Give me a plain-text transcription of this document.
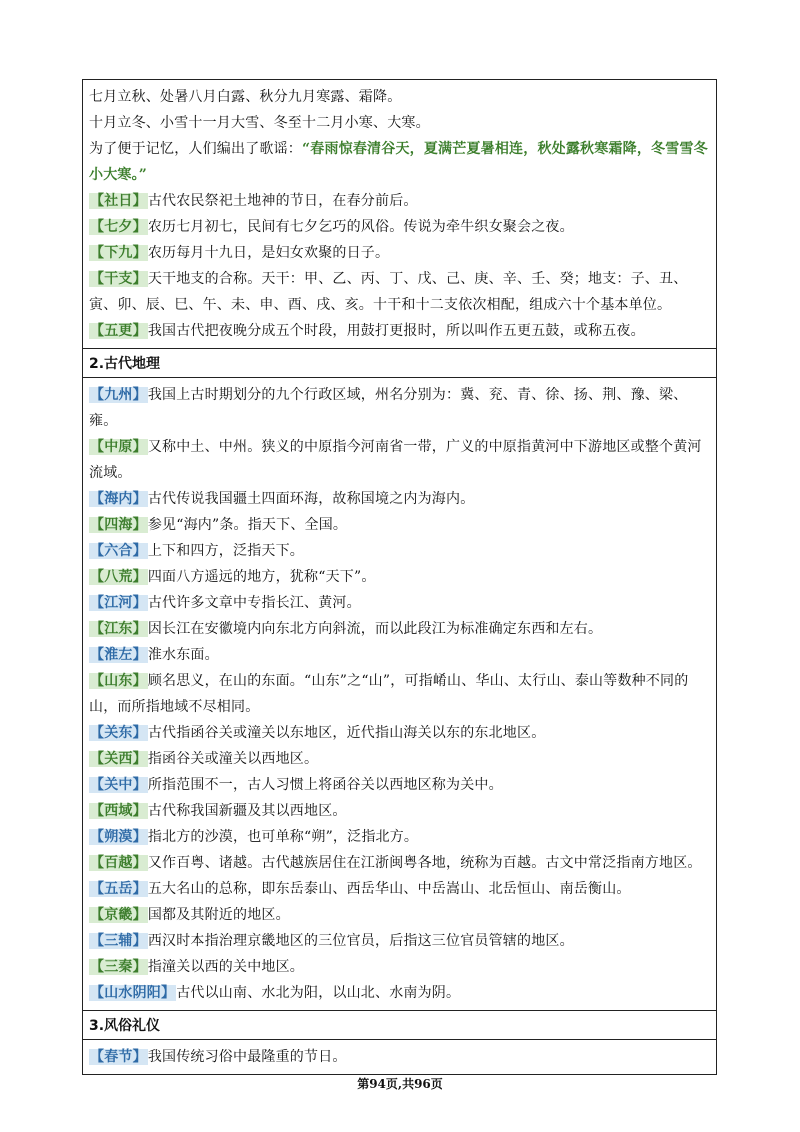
七月立秋、处暑八月白露、秋分九月寒露、霜降。

十月立冬、小雪十一月大雪、冬至十二月小寒、大寒。

为了便于记忆，人们编出了歌谣：“春雨惊春清谷天，夏满芒夏暑相连，秋处露秋寒霜降，冬雪雪冬小大寒。”

【社日】古代农民祭祀土地神的节日，在春分前后。

【七夕】农历七月初七，民间有七夕乞巧的风俗。传说为牵牛织女聚会之夜。

【下九】农历每月十九日，是妇女欢聚的日子。

【干支】天干地支的合称。天干：甲、乙、丙、丁、戊、己、庚、辛、壬、癸；地支：子、丑、寅、卯、辰、巳、午、未、申、酉、戌、亥。十干和十二支依次相配，组成六十个基本单位。

【五更】我国古代把夜晚分成五个时段，用鼓打更报时，所以叫作五更五鼓，或称五夜。

2.古代地理

【九州】我国上古时期划分的九个行政区域，州名分别为：冀、兖、青、徐、扬、荆、豫、梁、雍。

【中原】又称中土、中州。狭义的中原指今河南省一带，广义的中原指黄河中下游地区或整个黄河流域。

【海内】古代传说我国疆土四面环海，故称国境之内为海内。

【四海】参见“海内”条。指天下、全国。

【六合】上下和四方，泛指天下。

【八荒】四面八方遥远的地方，犹称“天下”。

【江河】古代许多文章中专指长江、黄河。

【江东】因长江在安徽境内向东北方向斜流，而以此段江为标准确定东西和左右。

【淮左】淮水东面。

【山东】顾名思义，在山的东面。“山东”之“山”，可指崤山、华山、太行山、泰山等数种不同的山，而所指地域不尽相同。

【关东】古代指函谷关或潼关以东地区，近代指山海关以东的东北地区。

【关西】指函谷关或潼关以西地区。

【关中】所指范围不一，古人习惯上将函谷关以西地区称为关中。

【西域】古代称我国新疆及其以西地区。

【朔漠】指北方的沙漠，也可单称“朔”，泛指北方。

【百越】又作百粤、诸越。古代越族居住在江浙闽粤各地，统称为百越。古文中常泛指南方地区。

【五岳】五大名山的总称，即东岳泰山、西岳华山、中岳嵩山、北岳恒山、南岳衡山。

【京畿】国都及其附近的地区。

【三辅】西汉时本指治理京畿地区的三位官员，后指这三位官员管辖的地区。

【三秦】指潼关以西的关中地区。

【山水阴阳】古代以山南、水北为阳，以山北、水南为阴。

3.风俗礼仪

【春节】我国传统习俗中最隆重的节日。

第94页,共96页
